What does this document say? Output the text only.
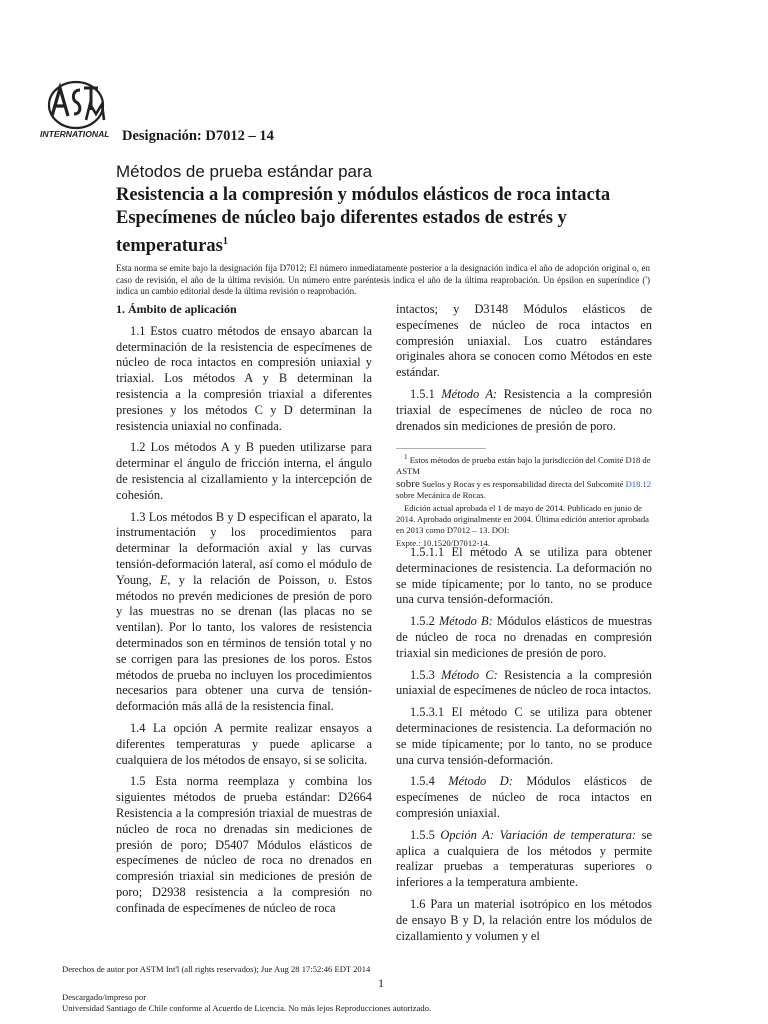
INTERNATIONAL Designación: D7012 – 14
Métodos de prueba estándar para
Resistencia a la compresión y módulos elásticos de roca intacta Especímenes de núcleo bajo diferentes estados de estrés y temperaturas$^1$
Esta norma se emite bajo la designación fija D7012; El número inmediatamente posterior a la designación indica el año de adopción original o, en caso de revisión, el año de la última revisión. Un número entre paréntesis indica el año de la última reaprobación. Un épsilon en superíndice (') indica un cambio editorial desde la última revisión o reaprobación.

1. Ámbito de aplicación

1.1 Estos cuatro métodos de ensayo abarcan la determinación de la resistencia de especímenes de núcleo de roca intactos en compresión uniaxial y triaxial. Los métodos A y B determinan la resistencia a la compresión triaxial a diferentes presiones y los métodos C y D determinan la resistencia uniaxial no confinada.

1.2 Los métodos A y B pueden utilizarse para determinar el ángulo de fricción interna, el ángulo de resistencia al cizallamiento y la intercepción de cohesión.

1.3 Los métodos B y D especifican el aparato, la instrumentación y los procedimientos para determinar la deformación axial y las curvas tensión-deformación lateral, así como el módulo de Young, E, y la relación de Poisson, υ. Estos métodos no prevén mediciones de presión de poro y las muestras no se drenan (las placas no se ventilan). Por lo tanto, los valores de resistencia determinados son en términos de tensión total y no se corrigen para las presiones de los poros. Estos métodos de prueba no incluyen los procedimientos necesarios para obtener una curva de tensión-deformación más allá de la resistencia final.

1.4 La opción A permite realizar ensayos a diferentes temperaturas y puede aplicarse a cualquiera de los métodos de ensayo, si se solicita.

1.5 Esta norma reemplaza y combina los siguientes métodos de prueba estándar: D2664 Resistencia a la compresión triaxial de muestras de núcleo de roca no drenadas sin mediciones de presión de poro; D5407 Módulos elásticos de especímenes de núcleo de roca no drenados en compresión triaxial sin mediciones de presión de poro; D2938 resistencia a la compresión no confinada de especímenes de núcleo de roca

intactos; y D3148 Módulos elásticos de especímenes de núcleo de roca intactos en compresión uniaxial. Los cuatro estándares originales ahora se conocen como Métodos en este estándar.

1.5.1 Método A: Resistencia a la compresión triaxial de especímenes de núcleo de roca no drenados sin mediciones de presión de poro.

$^1$ Estos métodos de prueba están bajo la jurisdicción del Comité D18 de ASTM

sobre Suelos y Rocas y es responsabilidad directa del Subcomité D18.12 sobre Mecánica de Rocas.

Edición actual aprobada el 1 de mayo de 2014. Publicado en junio de 2014. Aprobado originalmente en 2004. Última edición anterior aprobada en 2013 como D7012 – 13. DOI:

Expte.: 10.1520/D7012-14.

1.5.1.1 El método A se utiliza para obtener determinaciones de resistencia. La deformación no se mide típicamente; por lo tanto, no se produce una curva tensión-deformación.

1.5.2 Método B: Módulos elásticos de muestras de núcleo de roca no drenadas en compresión triaxial sin mediciones de presión de poro.

1.5.3 Método C: Resistencia a la compresión uniaxial de especímenes de núcleo de roca intactos.

1.5.3.1 El método C se utiliza para obtener determinaciones de resistencia. La deformación no se mide típicamente; por lo tanto, no se produce una curva tensión-deformación.

1.5.4 Método D: Módulos elásticos de especímenes de núcleo de roca intactos en compresión uniaxial.

1.5.5 Opción A: Variación de temperatura: se aplica a cualquiera de los métodos y permite realizar pruebas a temperaturas superiores o inferiores a la temperatura ambiente.

1.6 Para un material isotrópico en los métodos de ensayo B y D, la relación entre los módulos de cizallamiento y volumen y el

Derechos de autor por ASTM Int'l (all rights reservados); Jue Aug 28 17:52:46 EDT 2014
1
Descargado/impreso por
Universidad Santiago de Chile conforme al Acuerdo de Licencia. No más lejos Reproducciones autorizado.
